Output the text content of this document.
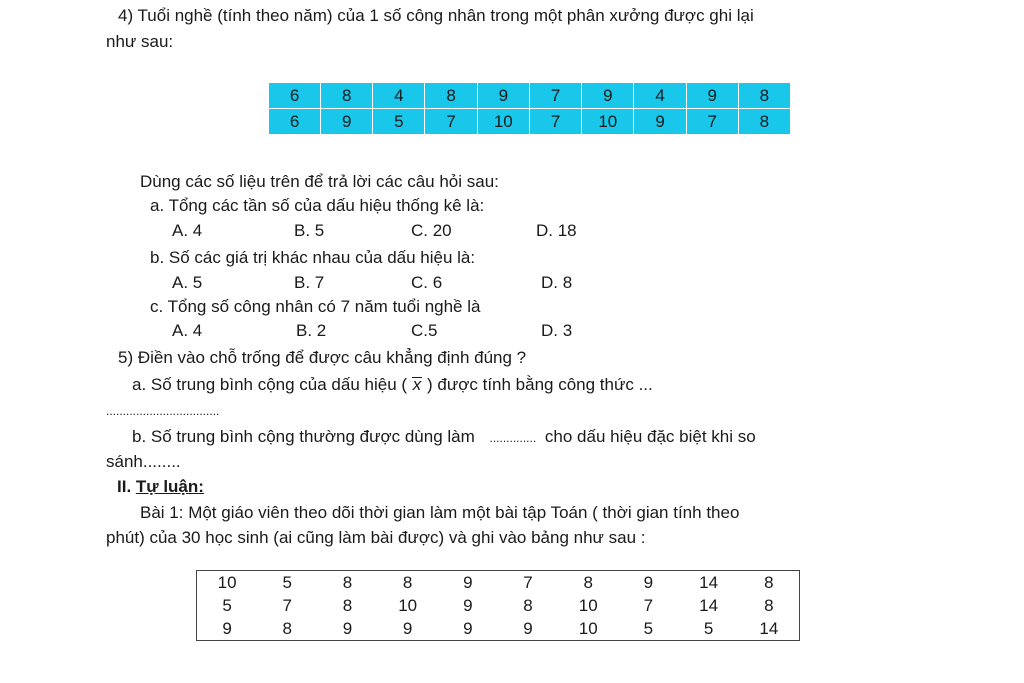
4) Tuổi nghề (tính theo năm) của 1 số công nhân trong một phân xưởng được ghi lại
như sau:
6	8	4	8	9	7	9	4	9	8
6	9	5	7	10	7	10	9	7	8
Dùng các số liệu trên để trả lời các câu hỏi sau:
a. Tổng các tần số của dấu hiệu thống kê là:
A. 4	B. 5	C. 20	D. 18
b. Số các giá trị khác nhau của dấu hiệu là:
A. 5	B. 7	C. 6	D. 8
c. Tổng số công nhân có 7 năm tuổi nghề là
A. 4	B. 2	C.5	D. 3
5) Điền vào chỗ trống để được câu khẳng định đúng ?
a. Số trung bình cộng của dấu hiệu ( x ) được tính bằng công thức ...
..................................
b. Số trung bình cộng thường được dùng làm .............. cho dấu hiệu đặc biệt khi so
sánh........
II. Tự luận:
Bài 1: Một giáo viên theo dõi thời gian làm một bài tập Toán ( thời gian tính theo
phút) của 30 học sinh (ai cũng làm bài được) và ghi vào bảng như sau :
10	5	8	8	9	7	8	9	14	8
5	7	8	10	9	8	10	7	14	8
9	8	9	9	9	9	10	5	5	14
